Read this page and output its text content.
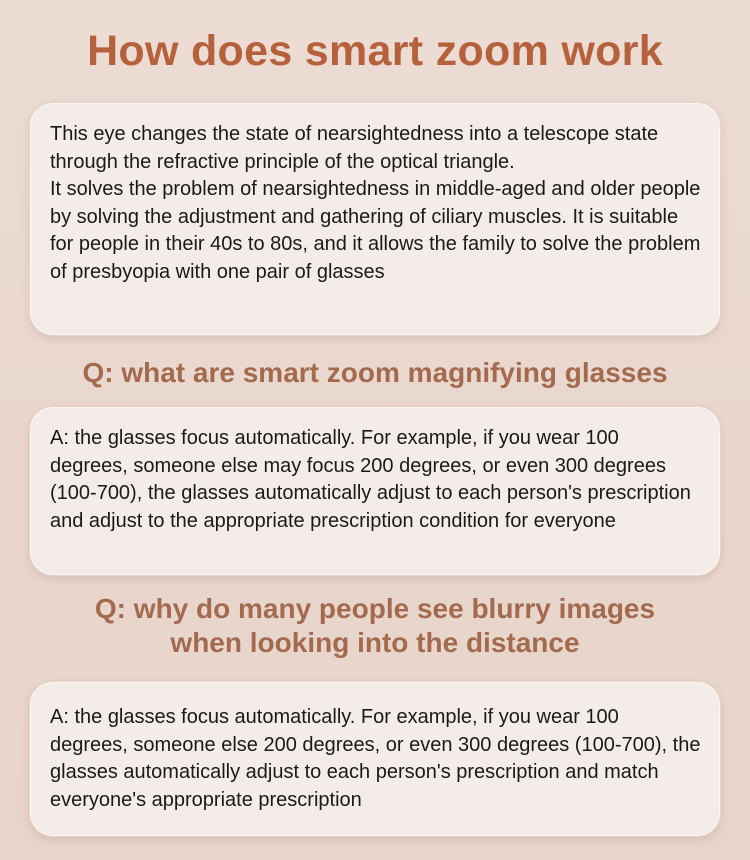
How does smart zoom work

This eye changes the state of nearsightedness into a telescope state through the refractive principle of the optical triangle.

It solves the problem of nearsightedness in middle-aged and older people by solving the adjustment and gathering of ciliary muscles. It is suitable for people in their 40s to 80s, and it allows the family to solve the problem of presbyopia with one pair of glasses

Q: what are smart zoom magnifying glasses

A: the glasses focus automatically. For example, if you wear 100 degrees, someone else may focus 200 degrees, or even 300 degrees (100-700), the glasses automatically adjust to each person's prescription and adjust to the appropriate prescription condition for everyone

Q: why do many people see blurry images
when looking into the distance

A: the glasses focus automatically. For example, if you wear 100 degrees, someone else 200 degrees, or even 300 degrees (100-700), the glasses automatically adjust to each person's prescription and match everyone's appropriate prescription
